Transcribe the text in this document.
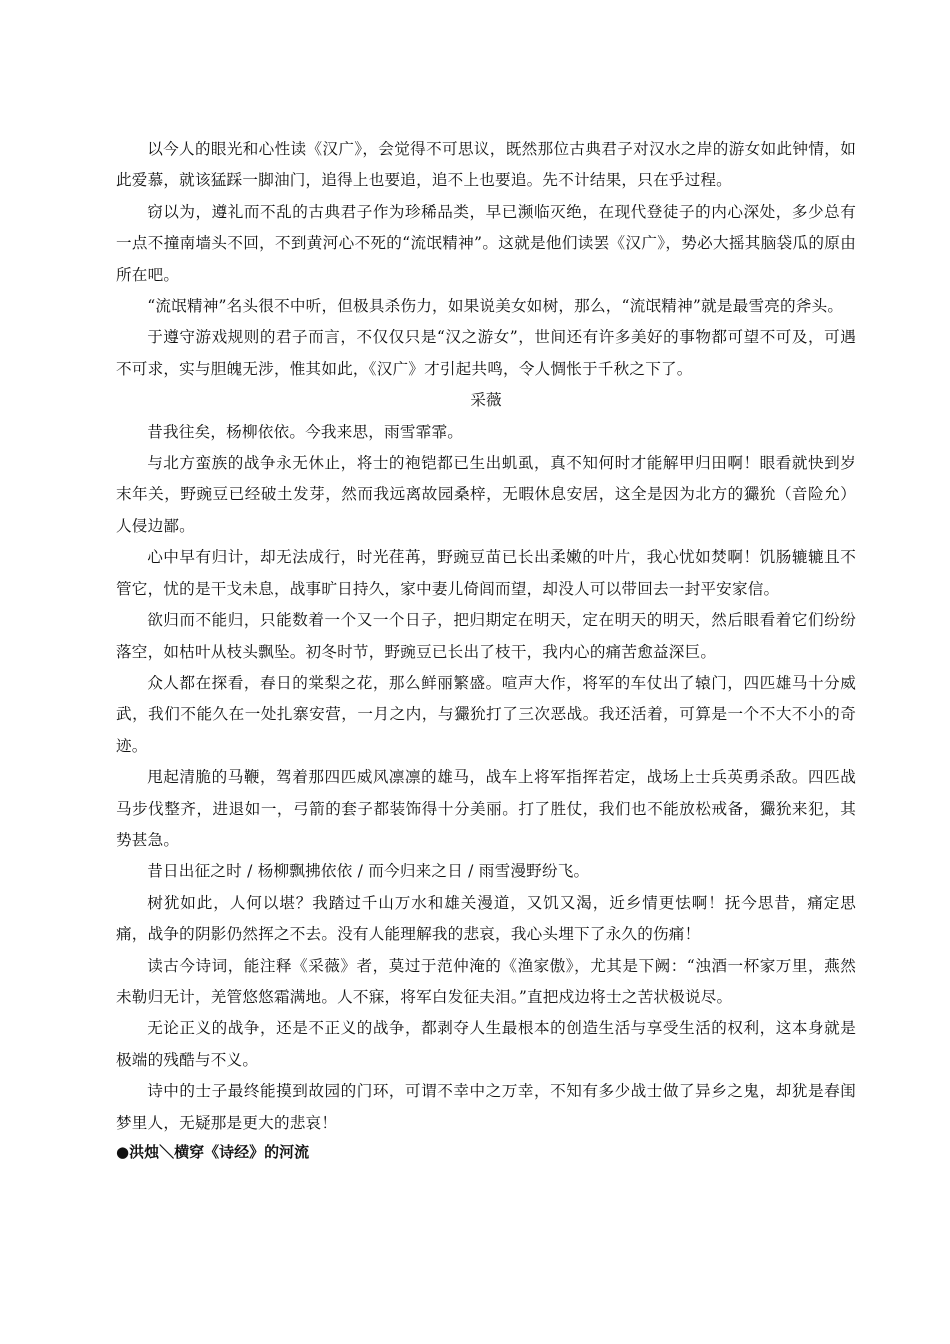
以今人的眼光和心性读《汉广》，会觉得不可思议，既然那位古典君子对汉水之岸的游女如此钟情，如此爱慕，就该猛踩一脚油门，追得上也要追，追不上也要追。先不计结果，只在乎过程。

窃以为，遵礼而不乱的古典君子作为珍稀品类，早已濒临灭绝，在现代登徒子的内心深处，多少总有一点不撞南墙头不回，不到黄河心不死的“流氓精神”。这就是他们读罢《汉广》，势必大摇其脑袋瓜的原由所在吧。

“流氓精神”名头很不中听，但极具杀伤力，如果说美女如树，那么，“流氓精神”就是最雪亮的斧头。

于遵守游戏规则的君子而言，不仅仅只是“汉之游女”，世间还有许多美好的事物都可望不可及，可遇不可求，实与胆魄无涉，惟其如此，《汉广》才引起共鸣，令人惆怅于千秋之下了。

采薇

昔我往矣，杨柳依依。今我来思，雨雪霏霏。

与北方蛮族的战争永无休止，将士的袍铠都已生出虮虱，真不知何时才能解甲归田啊！眼看就快到岁末年关，野豌豆已经破土发芽，然而我远离故园桑梓，无暇休息安居，这全是因为北方的玁狁（音险允）人侵边鄙。

心中早有归计，却无法成行，时光荏苒，野豌豆苗已长出柔嫩的叶片，我心忧如焚啊！饥肠辘辘且不管它，忧的是干戈未息，战事旷日持久，家中妻儿倚闾而望，却没人可以带回去一封平安家信。

欲归而不能归，只能数着一个又一个日子，把归期定在明天，定在明天的明天，然后眼看着它们纷纷落空，如枯叶从枝头飘坠。初冬时节，野豌豆已长出了枝干，我内心的痛苦愈益深巨。

众人都在探看，春日的棠梨之花，那么鲜丽繁盛。喧声大作，将军的车仗出了辕门，四匹雄马十分威武，我们不能久在一处扎寨安营，一月之内，与玁狁打了三次恶战。我还活着，可算是一个不大不小的奇迹。

甩起清脆的马鞭，驾着那四匹威风凛凛的雄马，战车上将军指挥若定，战场上士兵英勇杀敌。四匹战马步伐整齐，进退如一，弓箭的套子都装饰得十分美丽。打了胜仗，我们也不能放松戒备，玁狁来犯，其势甚急。

昔日出征之时 / 杨柳飘拂依依 / 而今归来之日 / 雨雪漫野纷飞。

树犹如此，人何以堪？我踏过千山万水和雄关漫道，又饥又渴，近乡情更怯啊！抚今思昔，痛定思痛，战争的阴影仍然挥之不去。没有人能理解我的悲哀，我心头埋下了永久的伤痛！

读古今诗词，能注释《采薇》者，莫过于范仲淹的《渔家傲》，尤其是下阙：“浊酒一杯家万里，燕然未勒归无计，羌管悠悠霜满地。人不寐，将军白发征夫泪。”直把戍边将士之苦状极说尽。

无论正义的战争，还是不正义的战争，都剥夺人生最根本的创造生活与享受生活的权利，这本身就是极端的残酷与不义。

诗中的士子最终能摸到故园的门环，可谓不幸中之万幸，不知有多少战士做了异乡之鬼，却犹是春闺梦里人，无疑那是更大的悲哀！

●洪烛＼横穿《诗经》的河流
